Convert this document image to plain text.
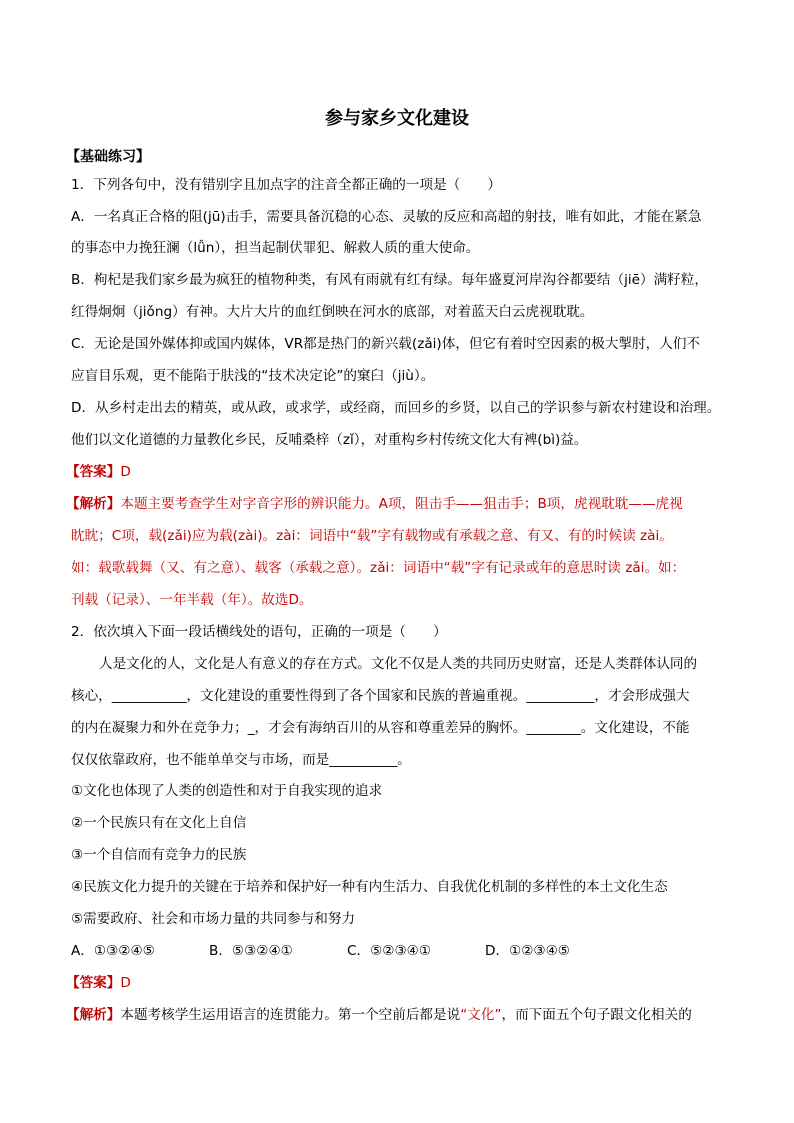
参与家乡文化建设
【基础练习】
1．下列各句中，没有错别字且加点字的注音全都正确的一项是（　　）
A．一名真正合格的阻(jū)击手，需要具备沉稳的心态、灵敏的反应和高超的射技，唯有如此，才能在紧急
的事态中力挽狂澜（lǚn），担当起制伏罪犯、解救人质的重大使命。
B．枸杞是我们家乡最为疯狂的植物种类，有风有雨就有红有绿。每年盛夏河岸沟谷都要结（jiē）满籽粒，
红得炯炯（jiǒng）有神。大片大片的血红倒映在河水的底部，对着蓝天白云虎视耽耽。
C．无论是国外媒体抑或国内媒体，VR都是热门的新兴载(zǎi)体，但它有着时空因素的极大掣肘，人们不
应盲目乐观，更不能陷于肤浅的“技术决定论”的窠臼（jiù）。
D．从乡村走出去的精英，或从政，或求学，或经商，而回乡的乡贤，以自己的学识参与新农村建设和治理。
他们以文化道德的力量教化乡民，反哺桑梓（zǐ），对重构乡村传统文化大有裨(bì)益。
【答案】D
【解析】本题主要考查学生对字音字形的辨识能力。A项，阻击手——狙击手；B项，虎视耽耽——虎视
眈眈；C项，载(zǎi)应为载(zài)。zài：词语中“载”字有载物或有承载之意、有又、有的时候读 zài。
如：载歌载舞（又、有之意）、载客（承载之意）。zǎi：词语中“载”字有记录或年的意思时读 zǎi。如：
刊载（记录）、一年半载（年）。故选D。
2．依次填入下面一段话横线处的语句，正确的一项是（　　）
人是文化的人，文化是人有意义的存在方式。文化不仅是人类的共同历史财富，还是人类群体认同的
核心，___________，文化建设的重要性得到了各个国家和民族的普遍重视。__________，才会形成强大
的内在凝聚力和外在竞争力；_，才会有海纳百川的从容和尊重差异的胸怀。________。文化建设，不能
仅仅依靠政府，也不能单单交与市场，而是__________。
①文化也体现了人类的创造性和对于自我实现的追求
②一个民族只有在文化上自信
③一个自信而有竞争力的民族
④民族文化力提升的关键在于培养和保护好一种有内生活力、自我优化机制的多样性的本土文化生态
⑤需要政府、社会和市场力量的共同参与和努力
A．①③②④⑤	B．⑤③②④①	C．⑤②③④①	D．①②③④⑤
【答案】D
【解析】本题考核学生运用语言的连贯能力。第一个空前后都是说“文化”，而下面五个句子跟文化相关的
